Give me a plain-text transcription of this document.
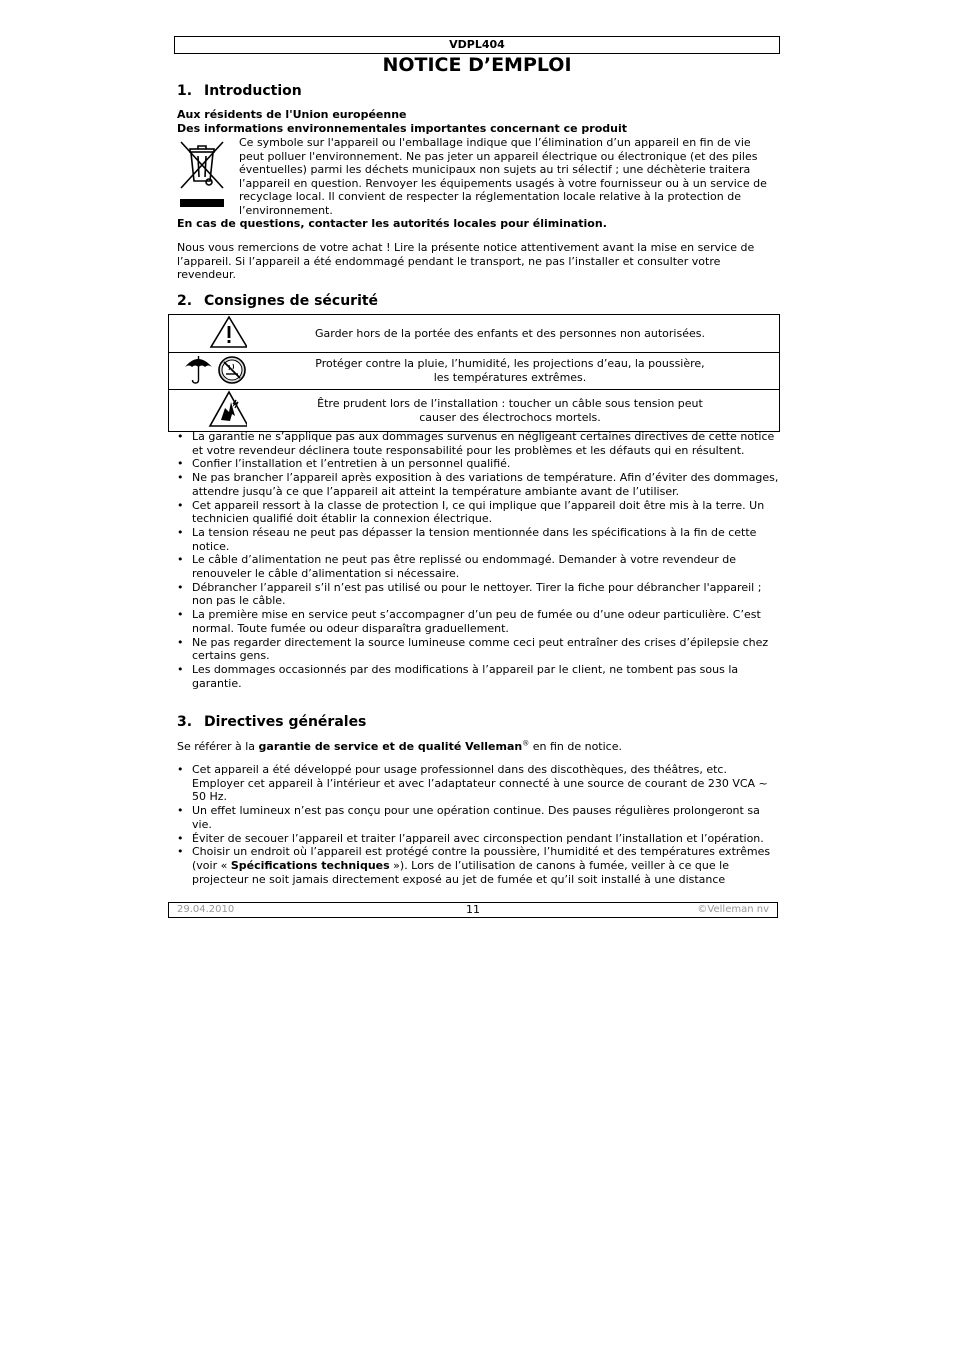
VDPL404
NOTICE D’EMPLOI
1. Introduction
Aux résidents de l'Union européenne
Des informations environnementales importantes concernant ce produit
Ce symbole sur l'appareil ou l'emballage indique que l’élimination d’un appareil en fin de vie peut polluer l'environnement. Ne pas jeter un appareil électrique ou électronique (et des piles éventuelles) parmi les déchets municipaux non sujets au tri sélectif ; une déchèterie traitera l’appareil en question. Renvoyer les équipements usagés à votre fournisseur ou à un service de recyclage local. Il convient de respecter la réglementation locale relative à la protection de l’environnement.
En cas de questions, contacter les autorités locales pour élimination.
Nous vous remercions de votre achat ! Lire la présente notice attentivement avant la mise en service de l’appareil. Si l’appareil a été endommagé pendant le transport, ne pas l’installer et consulter votre revendeur.
2. Consignes de sécurité

Garder hors de la portée des enfants et des personnes non autorisées.

Protéger contre la pluie, l’humidité, les projections d’eau, la poussière,
les températures extrêmes.

Être prudent lors de l’installation : toucher un câble sous tension peut
causer des électrochocs mortels.
• La garantie ne s’applique pas aux dommages survenus en négligeant certaines directives de cette notice et votre revendeur déclinera toute responsabilité pour les problèmes et les défauts qui en résultent.
• Confier l’installation et l’entretien à un personnel qualifié.
• Ne pas brancher l’appareil après exposition à des variations de température. Afin d’éviter des dommages, attendre jusqu’à ce que l’appareil ait atteint la température ambiante avant de l’utiliser.
• Cet appareil ressort à la classe de protection I, ce qui implique que l’appareil doit être mis à la terre. Un technicien qualifié doit établir la connexion électrique.
• La tension réseau ne peut pas dépasser la tension mentionnée dans les spécifications à la fin de cette notice.
• Le câble d’alimentation ne peut pas être replissé ou endommagé. Demander à votre revendeur de renouveler le câble d’alimentation si nécessaire.
• Débrancher l’appareil s’il n’est pas utilisé ou pour le nettoyer. Tirer la fiche pour débrancher l'appareil ; non pas le câble.
• La première mise en service peut s’accompagner d’un peu de fumée ou d’une odeur particulière. C’est normal. Toute fumée ou odeur disparaîtra graduellement.
• Ne pas regarder directement la source lumineuse comme ceci peut entraîner des crises d’épilepsie chez certains gens.
• Les dommages occasionnés par des modifications à l’appareil par le client, ne tombent pas sous la garantie.
3. Directives générales
Se référer à la garantie de service et de qualité Velleman® en fin de notice.
• Cet appareil a été développé pour usage professionnel dans des discothèques, des théâtres, etc. Employer cet appareil à l’intérieur et avec l’adaptateur connecté à une source de courant de 230 VCA ~ 50 Hz.
• Un effet lumineux n’est pas conçu pour une opération continue. Des pauses régulières prolongeront sa vie.
• Éviter de secouer l’appareil et traiter l’appareil avec circonspection pendant l’installation et l’opération.
• Choisir un endroit où l’appareil est protégé contre la poussière, l’humidité et des températures extrêmes (voir « Spécifications techniques »). Lors de l’utilisation de canons à fumée, veiller à ce que le projecteur ne soit jamais directement exposé au jet de fumée et qu’il soit installé à une distance
11
29.04.2010	©Velleman nv
